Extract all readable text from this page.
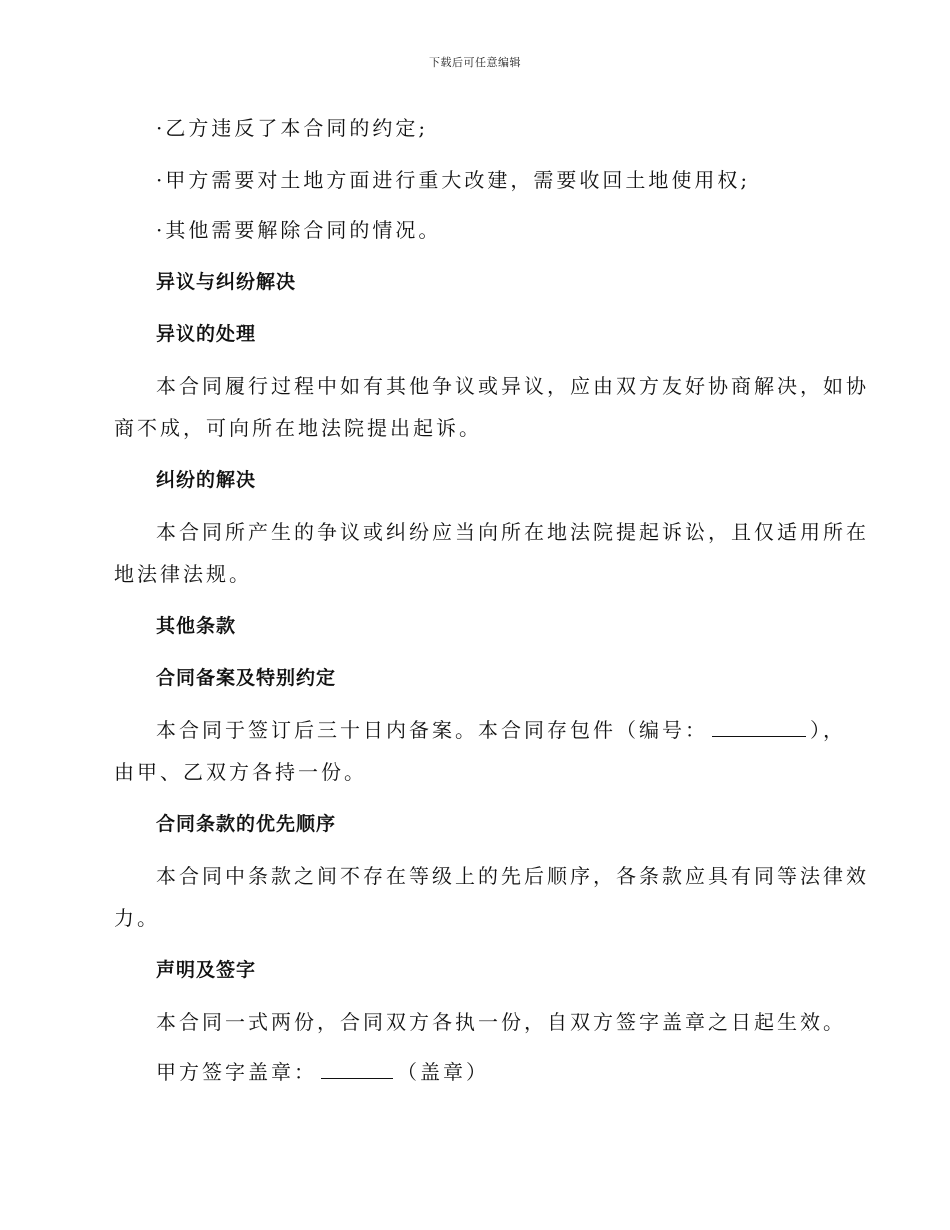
下载后可任意编辑
·乙方违反了本合同的约定;
·甲方需要对土地方面进行重大改建，需要收回土地使用权;
·其他需要解除合同的情况。
异议与纠纷解决
异议的处理
本合同履行过程中如有其他争议或异议，应由双方友好协商解决，如协
商不成，可向所在地法院提出起诉。
纠纷的解决
本合同所产生的争议或纠纷应当向所在地法院提起诉讼，且仅适用所在
地法律法规。
其他条款
合同备案及特别约定
本合同于签订后三十日内备案。本合同存包件（编号：	），
由甲、乙双方各持一份。
合同条款的优先顺序
本合同中条款之间不存在等级上的先后顺序，各条款应具有同等法律效
力。
声明及签字
本合同一式两份，合同双方各执一份，自双方签字盖章之日起生效。
甲方签字盖章：	（盖章）
